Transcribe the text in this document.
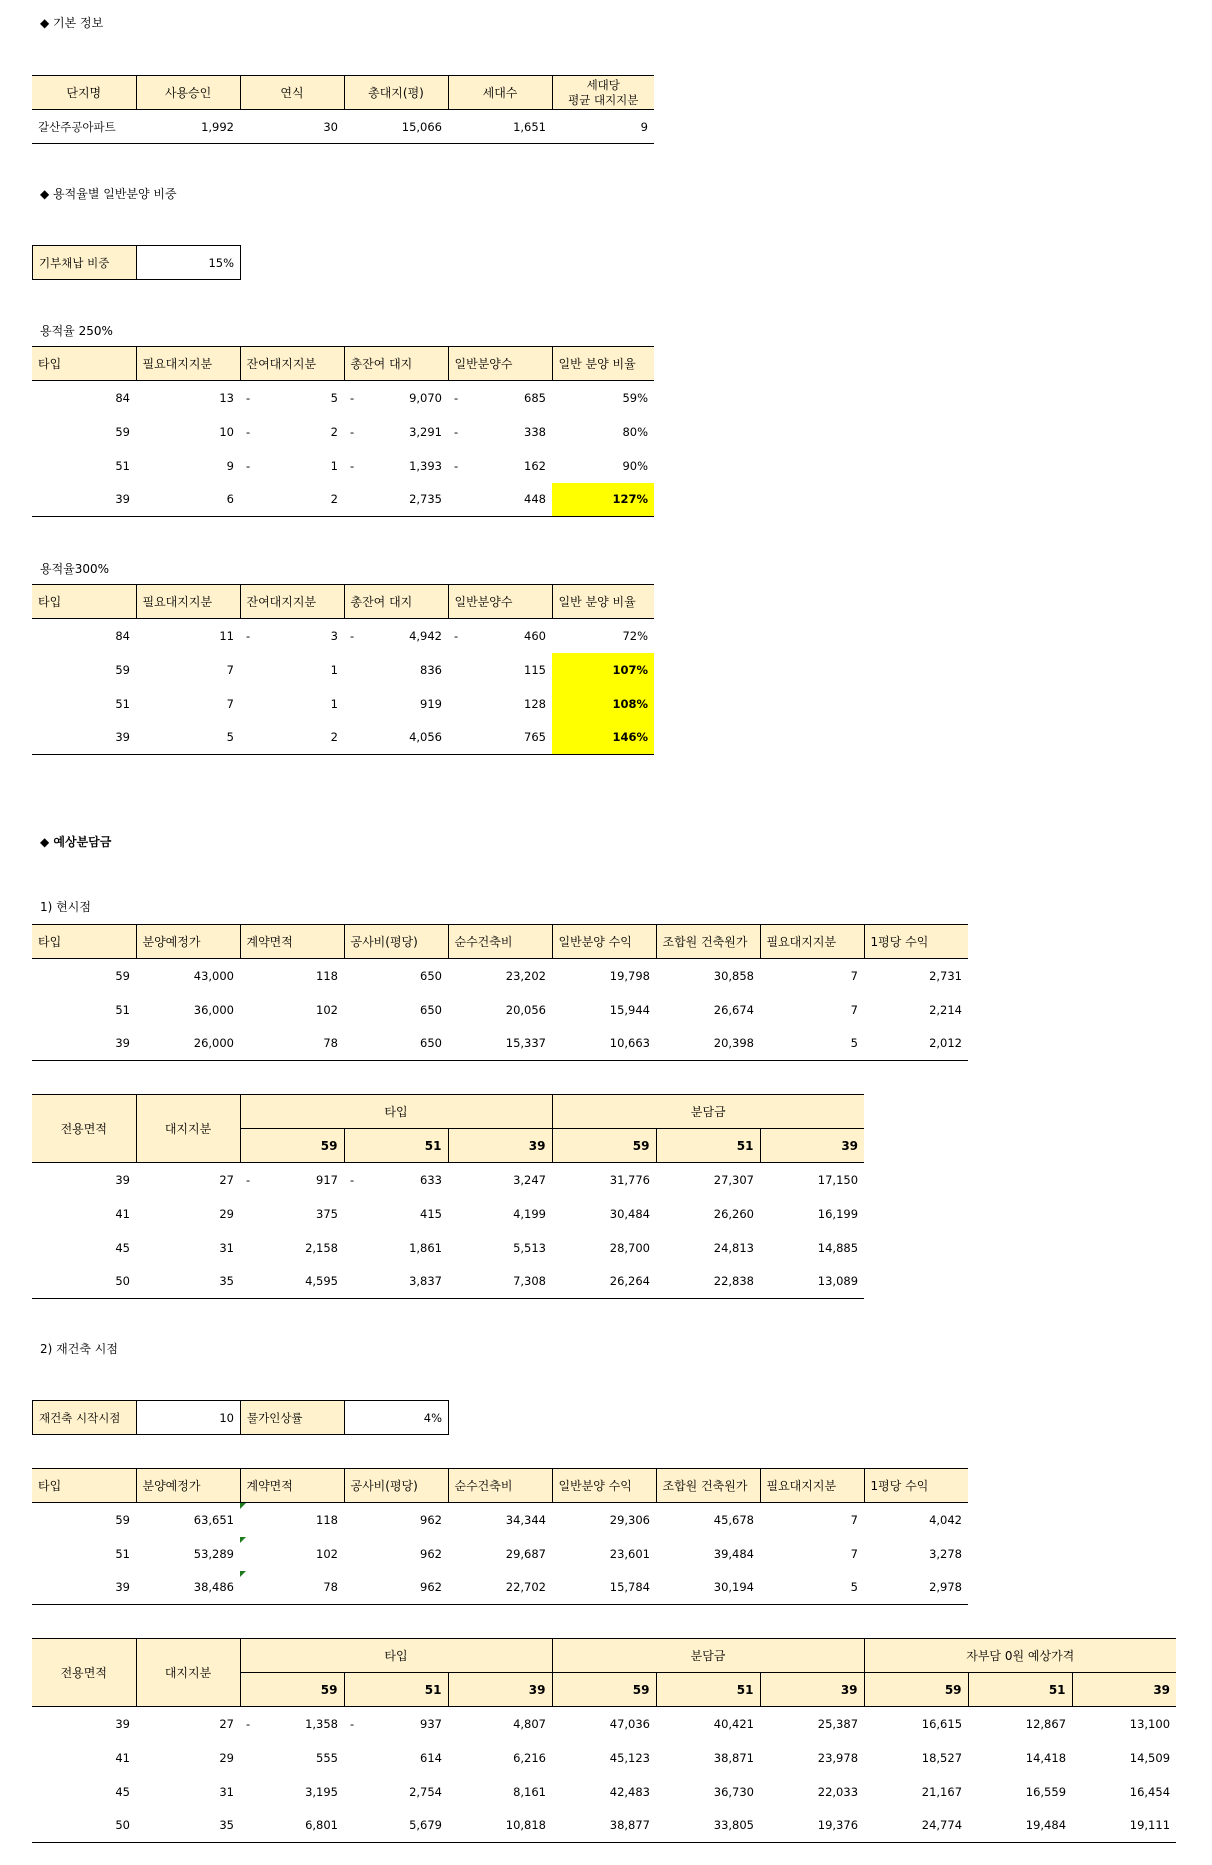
◆ 기본 정보
단지명	사용승인	연식	총대지(평)	세대수	세대당
평균 대지지분

갈산주공아파트	1,992	30	15,066	1,651	9
◆ 용적율별 일반분양 비중
기부채납 비중	15%
용적율 250%
타입	필요대지지분	잔여대지지분	총잔여 대지	일반분양수	일반 분양 비율
84	13	- 5	- 9,070	- 685	59%
59	10	- 2	- 3,291	- 338	80%
51	9	- 1	- 1,393	- 162	90%
39	6	2	2,735	448	127%
용적율300%
타입	필요대지지분	잔여대지지분	총잔여 대지	일반분양수	일반 분양 비율
84	11	- 3	- 4,942	- 460	72%
59	7	1	836	115	107%
51	7	1	919	128	108%
39	5	2	4,056	765	146%
◆ 예상분담금
1) 현시점
타입	분양예정가	계약면적	공사비(평당)	순수건축비	일반분양 수익	조합원 건축원가	필요대지지분	1평당 수익
59	43,000	118	650	23,202	19,798	30,858	7	2,731
51	36,000	102	650	20,056	15,944	26,674	7	2,214
39	26,000	78	650	15,337	10,663	20,398	5	2,012
전용면적	대지지분	타입			분담금		
		59	51	39	59	51	39
39	27	- 917	- 633	3,247	31,776	27,307	17,150
41	29	375	415	4,199	30,484	26,260	16,199
45	31	2,158	1,861	5,513	28,700	24,813	14,885
50	35	4,595	3,837	7,308	26,264	22,838	13,089
2) 재건축 시점
재건축 시작시점	10	물가인상률	4%
타입	분양예정가	계약면적	공사비(평당)	순수건축비	일반분양 수익	조합원 건축원가	필요대지지분	1평당 수익
59	63,651	118	962	34,344	29,306	45,678	7	4,042
51	53,289	102	962	29,687	23,601	39,484	7	3,278
39	38,486	78	962	22,702	15,784	30,194	5	2,978
전용면적	대지지분	타입			분담금			자부담 0원 예상가격		
		59	51	39	59	51	39	59	51	39
39	27	- 1,358	- 937	4,807	47,036	40,421	25,387	16,615	12,867	13,100
41	29	555	614	6,216	45,123	38,871	23,978	18,527	14,418	14,509
45	31	3,195	2,754	8,161	42,483	36,730	22,033	21,167	16,559	16,454
50	35	6,801	5,679	10,818	38,877	33,805	19,376	24,774	19,484	19,111
